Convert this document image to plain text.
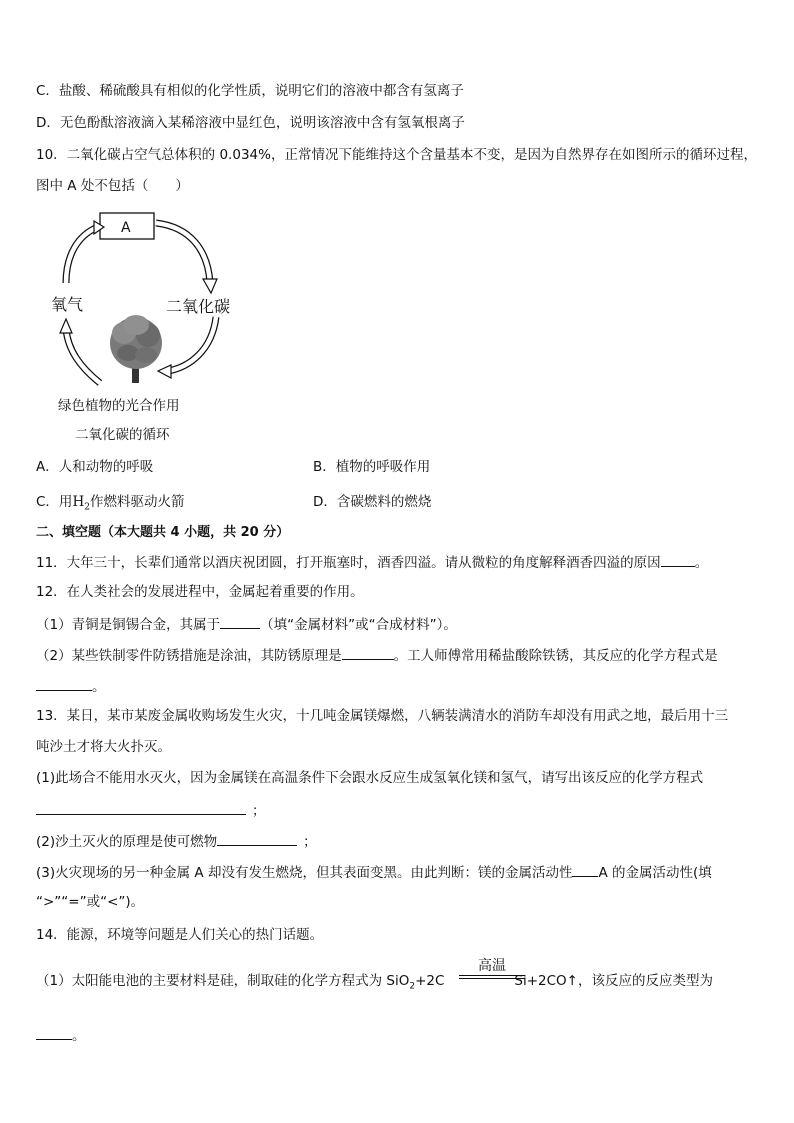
C．盐酸、稀硫酸具有相似的化学性质，说明它们的溶液中都含有氢离子
D．无色酚酞溶液滴入某稀溶液中显红色，说明该溶液中含有氢氧根离子
10．二氧化碳占空气总体积的 0.034%，正常情况下能维持这个含量基本不变，是因为自然界存在如图所示的循环过程，
图中 A 处不包括（　　）
A
氧气	二氧化碳
绿色植物的光合作用
二氧化碳的循环
A．人和动物的呼吸	B．植物的呼吸作用
C．用$H_2$作燃料驱动火箭	D．含碳燃料的燃烧
二、填空题（本大题共 4 小题，共 20 分）
11．大年三十，长辈们通常以酒庆祝团圆，打开瓶塞时，酒香四溢。请从微粒的角度解释酒香四溢的原因	。
12．在人类社会的发展进程中，金属起着重要的作用。
（1）青铜是铜锡合金，其属于	（填“金属材料”或“合成材料”）。
（2）某些铁制零件防锈措施是涂油，其防锈原理是	。工人师傅常用稀盐酸除铁锈，其反应的化学方程式是
。
13．某日，某市某废金属收购场发生火灾，十几吨金属镁爆燃，八辆装满清水的消防车却没有用武之地，最后用十三
吨沙土才将大火扑灭。
(1)此场合不能用水灭火，因为金属镁在高温条件下会跟水反应生成氢氧化镁和氢气，请写出该反应的化学方程式
；
(2)沙土灭火的原理是使可燃物	；
(3)火灾现场的另一种金属 A 却没有发生燃烧，但其表面变黑。由此判断：镁的金属活动性 A 的金属活动性(填
“>”“=”或“<”)。
14．能源，环境等问题是人们关心的热门话题。
（1）太阳能电池的主要材料是硅，制取硅的化学方程式为 SiO$_2$+2C	Si+2CO↑，该反应的反应类型为
高温
。
